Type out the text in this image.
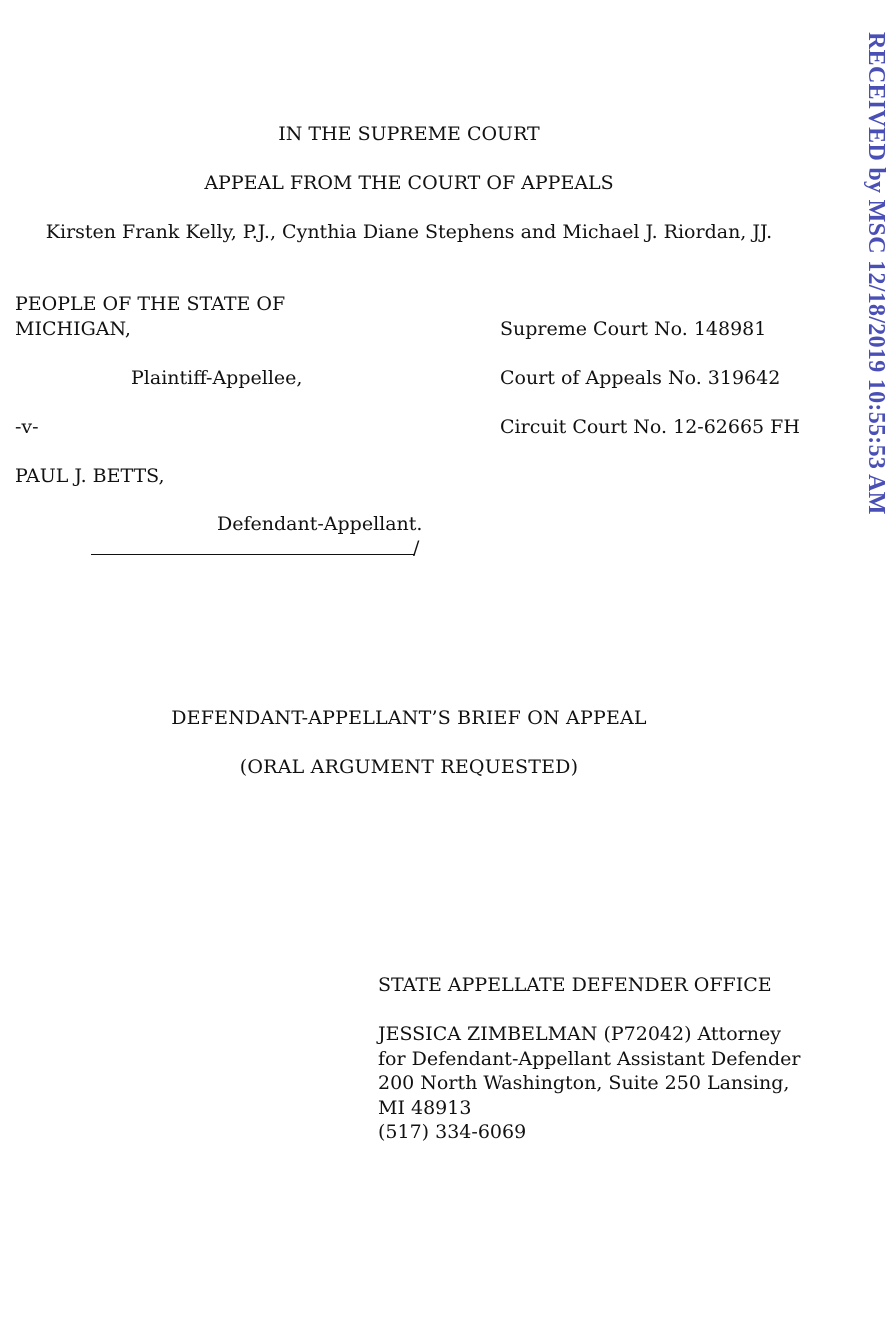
RECEIVED by MSC 12/18/2019 10:55:53 AM
IN THE SUPREME COURT
APPEAL FROM THE COURT OF APPEALS
Kirsten Frank Kelly, P.J., Cynthia Diane Stephens and Michael J. Riordan, JJ.
PEOPLE OF THE STATE OF
MICHIGAN,
Plaintiff-Appellee,
-v-
PAUL J. BETTS,
Defendant-Appellant.
/
Supreme Court No. 148981
Court of Appeals No. 319642
Circuit Court No. 12-62665 FH
DEFENDANT-APPELLANT’S BRIEF ON APPEAL
(ORAL ARGUMENT REQUESTED)
STATE APPELLATE DEFENDER OFFICE
JESSICA ZIMBELMAN (P72042) Attorney
for Defendant-Appellant Assistant Defender
200 North Washington, Suite 250 Lansing,
MI 48913
(517) 334-6069
